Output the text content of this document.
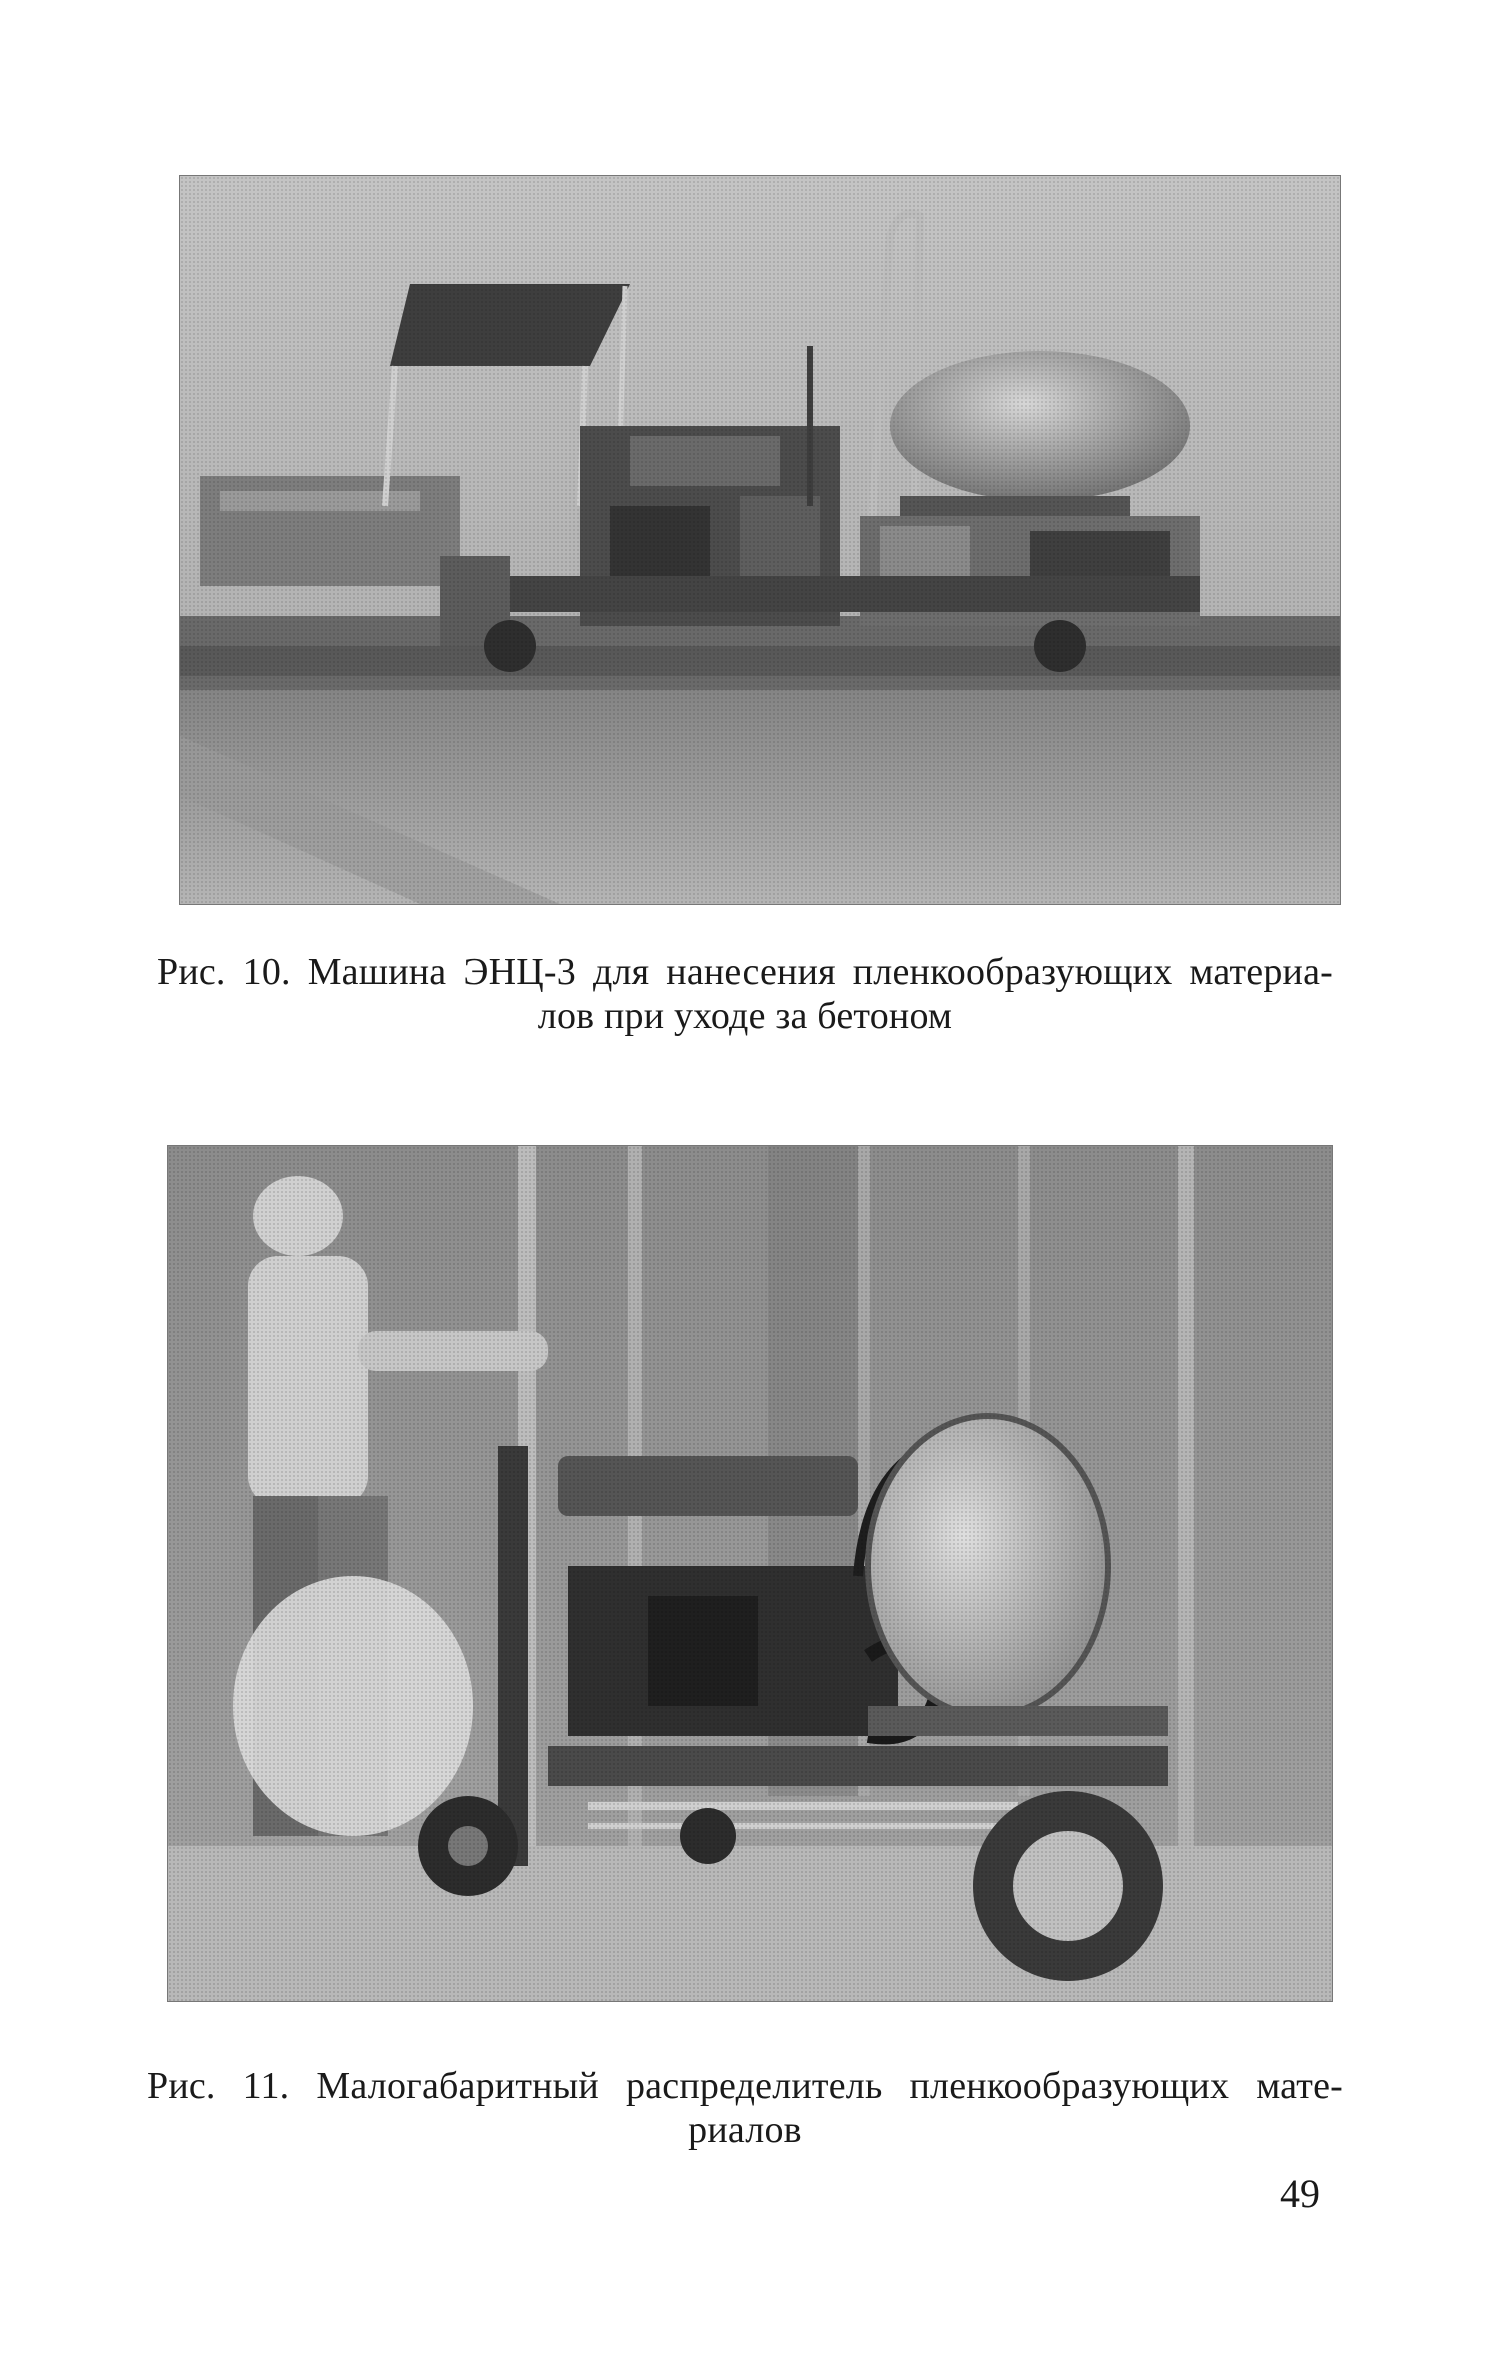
Рис. 10. Машина ЭНЦ-3 для нанесения пленкообразующих материа-
лов при уходе за бетоном
Рис. 11. Малогабаритный распределитель пленкообразующих мате-
риалов
49
